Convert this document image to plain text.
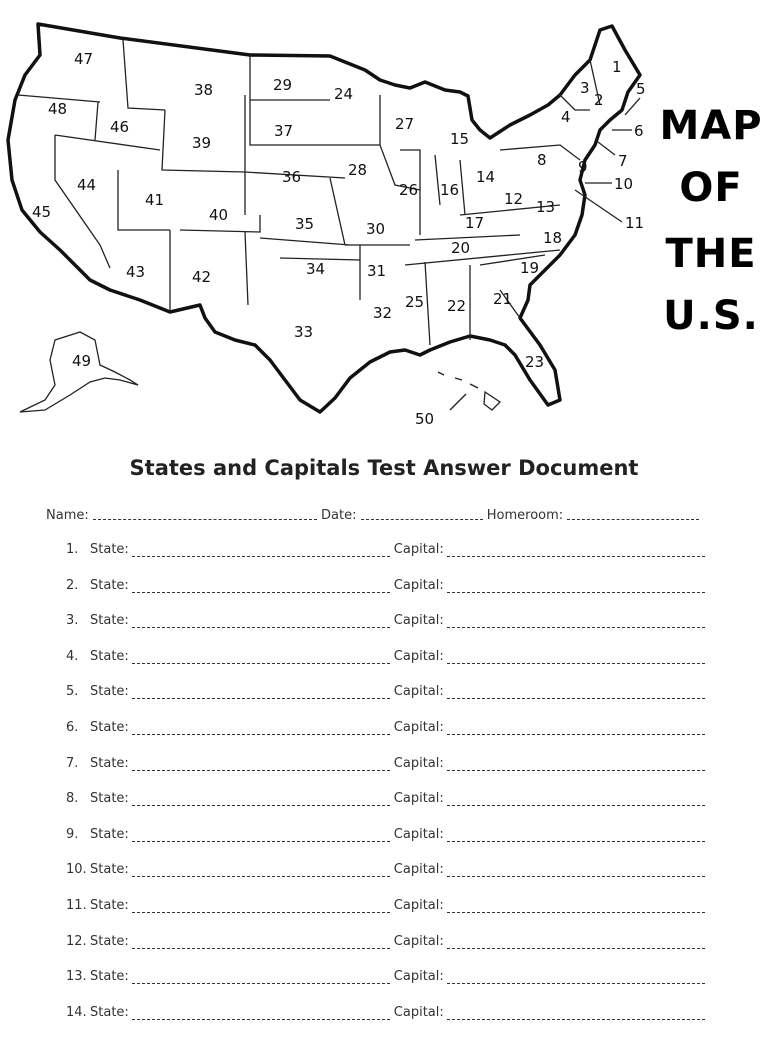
1
2
3
4
5
6
7
8 9
10
11
12 13
14
15
16
17
18
19
20
21
22
23
24
25
26
27
28
29
30
31
32
33
34
35
36
37
38
39
40
41
42
43
44
45
46
47
48
49
50
MAP
OF
THE
U.S.
States and Capitals Test Answer Document
Name:	Date:	Homeroom:
1. State:	Capital:
2. State:	Capital:
3. State:	Capital:
4. State:	Capital:
5. State:	Capital:
6. State:	Capital:
7. State:	Capital:
8. State:	Capital:
9. State:	Capital:
10. State:	Capital:
11. State:	Capital:
12. State:	Capital:
13. State:	Capital:
14. State:	Capital:
